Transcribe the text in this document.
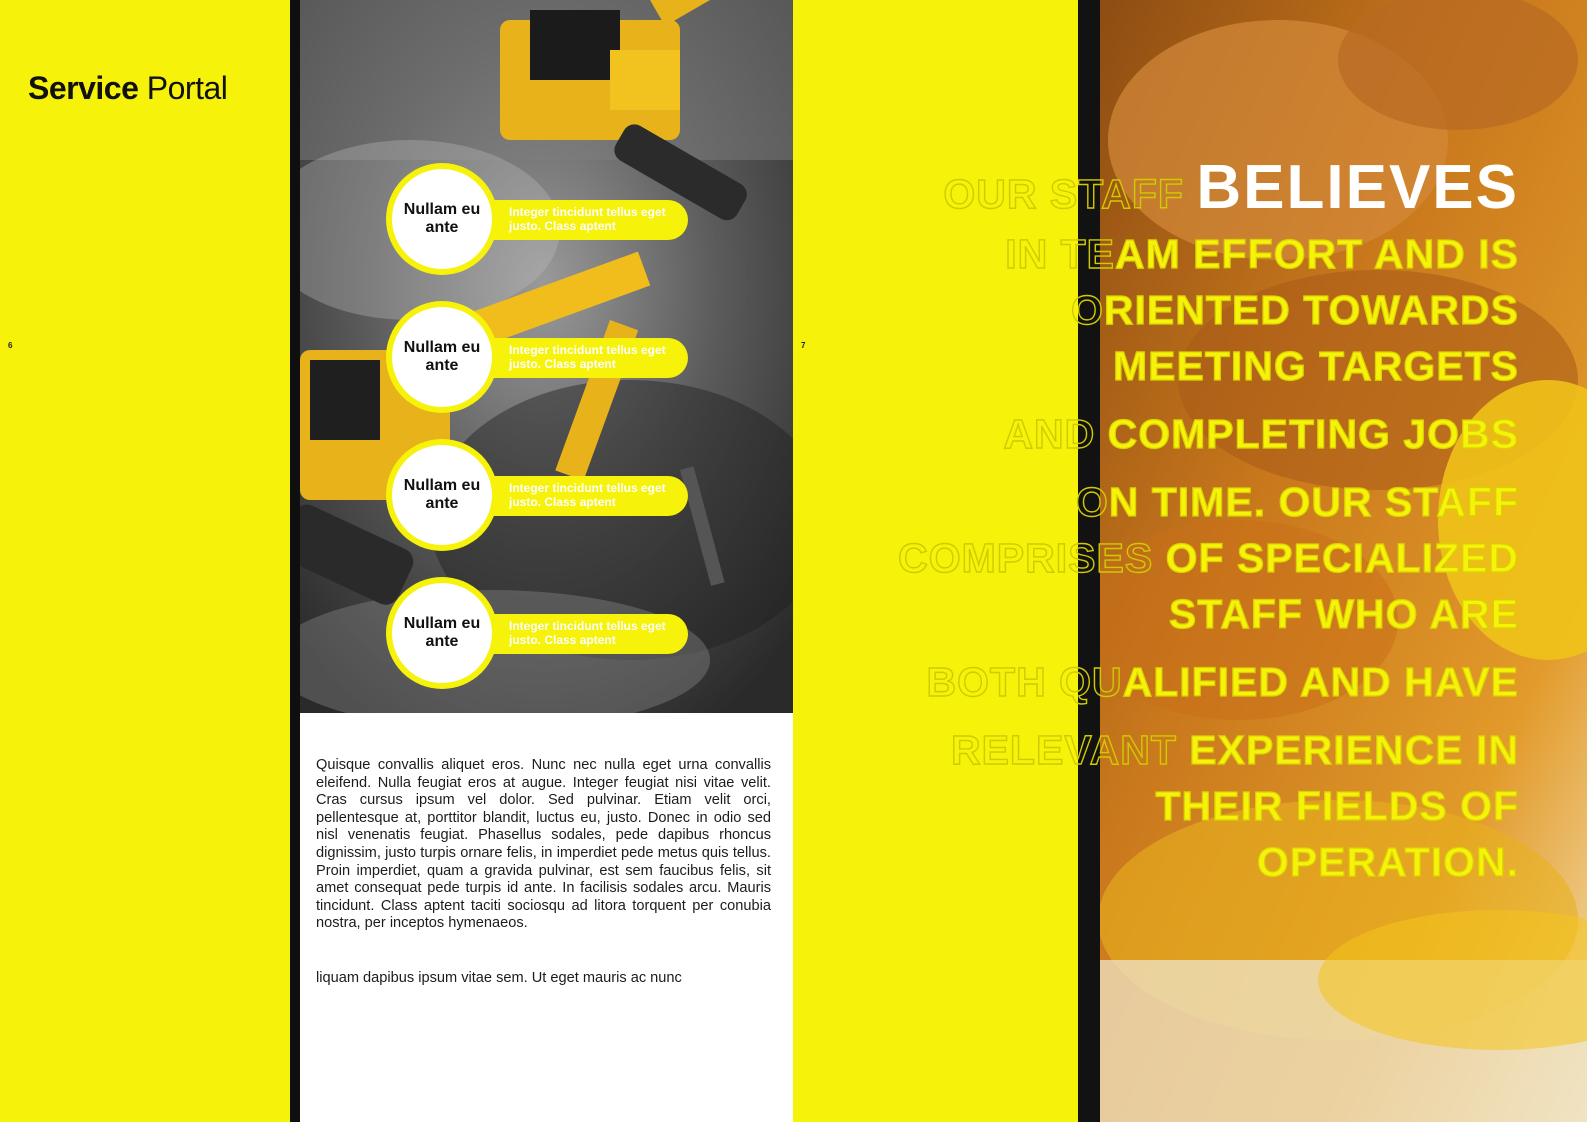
Service Portal
6
Integer tincidunt tellus eget justo. Class aptent
Nullam eu ante
Integer tincidunt tellus eget justo. Class aptent
Nullam eu ante
Integer tincidunt tellus eget justo. Class aptent
Nullam eu ante
Integer tincidunt tellus eget justo. Class aptent
Nullam eu ante
Quisque convallis aliquet eros. Nunc nec nulla eget urna convallis eleifend. Nulla feugiat eros at augue. Integer feugiat nisi vitae velit. Cras cursus ipsum vel dolor. Sed pulvinar. Etiam velit orci, pellentesque at, porttitor blandit, luctus eu, justo. Donec in odio sed nisl venenatis feugiat. Phasellus sodales, pede dapibus rhoncus dignissim, justo turpis ornare felis, in imperdiet pede metus quis tellus. Proin imperdiet, quam a gravida pulvinar, est sem faucibus felis, sit amet consequat pede turpis id ante. In facilisis sodales arcu. Mauris tincidunt. Class aptent taciti sociosqu ad litora torquent per conubia nostra, per inceptos hymenaeos.
liquam dapibus ipsum vitae sem. Ut eget mauris ac nunc
7
OUR STAFF BELIEVES
IN TEAM EFFORT AND IS
ORIENTED TOWARDS
MEETING TARGETS
AND COMPLETING JOBS
ON TIME. OUR STAFF
COMPRISES OF SPECIALIZED
STAFF WHO ARE
BOTH QUALIFIED AND HAVE
RELEVANT EXPERIENCE IN
THEIR FIELDS OF
OPERATION.
